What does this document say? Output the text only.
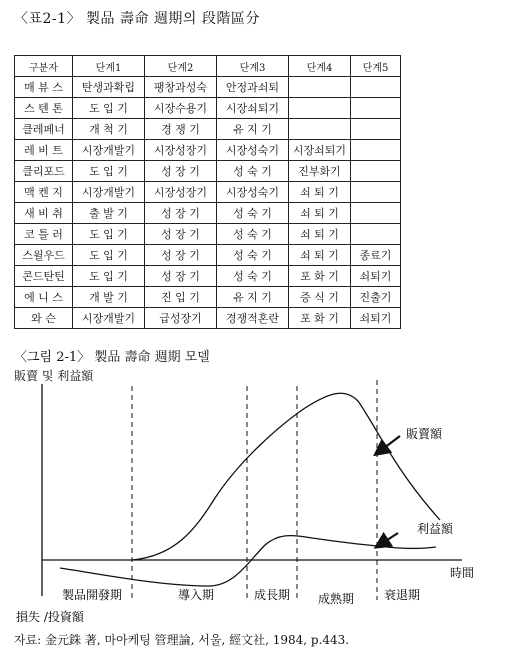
〈표2-1〉 製品 壽命 週期의 段階區分
구분자	단계1	단계2	단계3	단계4	단계5
매 뷰 스	탄생과확립	팽창과성숙	안정과쇠퇴		
스 텐 톤	도 입 기	시장수용기	시장쇠퇴기		
클레페너	개 척 기	경 쟁 기	유 지 기		
레 비 트	시장개발기	시장성장기	시장성숙기	시장쇠퇴기	
클리포드	도 입 기	성 장 기	성 숙 기	진부화기	
맥 켄 지	시장개발기	시장성장기	시장성숙기	쇠 퇴 기	
새 비 취	출 발 기	성 장 기	성 숙 기	쇠 퇴 기	
코 틀 러	도 입 기	성 장 기	성 숙 기	쇠 퇴 기	
스윌우드	도 입 기	성 장 기	성 숙 기	쇠 퇴 기	종료기
콘드탄틴	도 입 기	성 장 기	성 숙 기	포 화 기	쇠퇴기
에 니 스	개 발 기	진 입 기	유 지 기	증 식 기	진출기
와 슨	시장개발기	급성장기	경쟁적혼란	포 화 기	쇠퇴기
〈그림 2-1〉 製品 壽命 週期 모델
販賣 및 利益額
販賣額
利益額
時間
製品開發期	導入期	成長期 成熟期 衰退期
損失 /投資額
자료: 金元銖 著, 마아케팅 管理論, 서울, 經文社, 1984, p.443.
